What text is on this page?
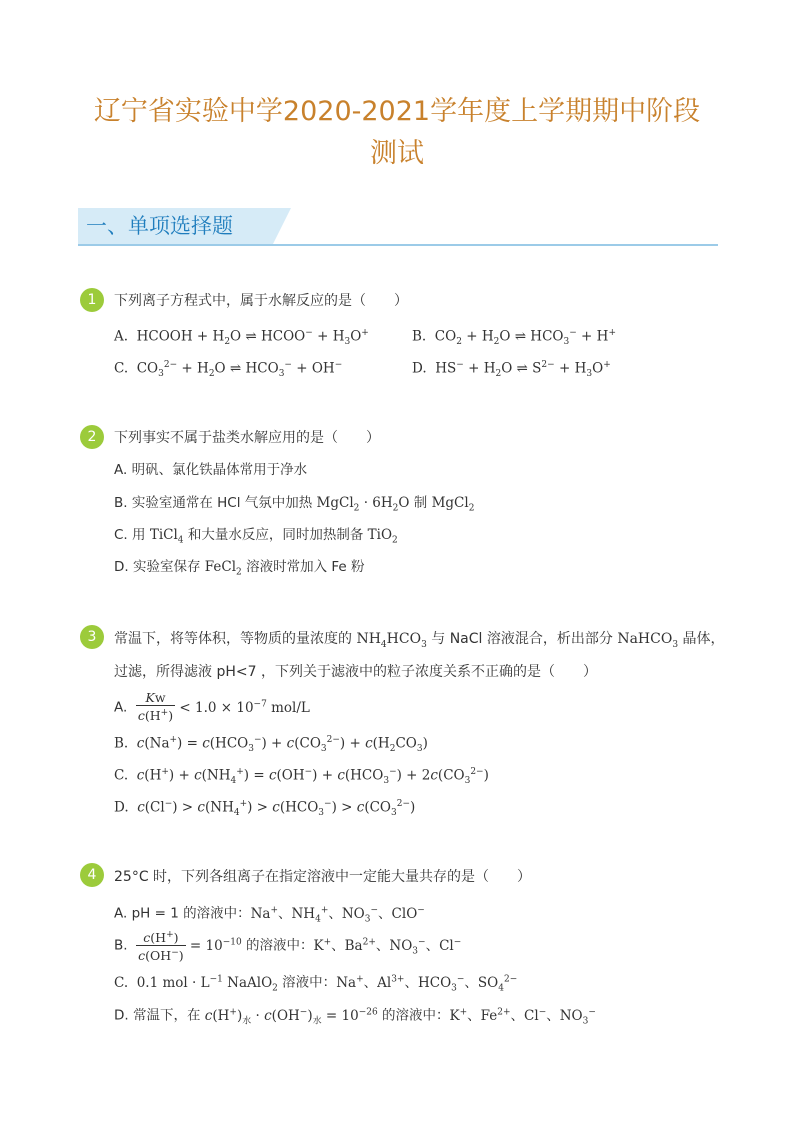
辽宁省实验中学2020-2021学年度上学期期中阶段
测试
一、单项选择题
1	下列离子方程式中，属于水解反应的是（　　）
A.  HCOOH + $H_2O$ ⇌ HCOO− + $H_3O^+$	B.  $CO_2 + H_2O$ ⇌ $HCO_3^- + H^+$
C.  $CO_3^{2-} + H_2O$ ⇌ $HCO_3^- + OH^-$	D.  $HS^- + H_2O$ ⇌ $S^{2-} + H_3O^+$
2	下列事实不属于盐类水解应用的是（　　）
A. 明矾、氯化铁晶体常用于净水
B. 实验室通常在 HCl 气氛中加热 MgCl$_2$ · $6H_2O$ 制 MgCl$_2$
C. 用 TiCl$_4$ 和大量水反应，同时加热制备 TiO$_2$
D. 实验室保存 FeCl$_2$ 溶液时常加入 Fe 粉
3	常温下，将等体积，等物质的量浓度的 $NH_4HCO_3$ 与 NaCl 溶液混合，析出部分 NaHCO$_3$ 晶体，
过滤，所得滤液 pH<7 ，下列关于滤液中的粒子浓度关系不正确的是（　　）
A. $\frac{Kw}{c(H^+)} < 1.0 \times 10^{-7}$ mol/L
B.  $c(Na^+) = c(HCO_3^-) + c(CO_3^{2-}) + c(H_2CO_3)$
C.  $c(H^+) + c(NH_4^+) = c(OH^-) + c(HCO_3^-) + 2c(CO_3^{2-})$
D.  $c(Cl^-) > c(NH_4^+) > c(HCO_3^-) > c(CO_3^{2-})$
4	25°C 时，下列各组离子在指定溶液中一定能大量共存的是（　　）
A. pH = 1 的溶液中：Na+、$NH_4^+$、$NO_3^-$、ClO−
B. $\frac{c(H^+)}{c(OH^-)} = 10^{-10}$ 的溶液中：K+、$Ba^{2+}$、$NO_3^-$、Cl−
C.  0.1 mol · $L^{-1}$ NaAlO$_2$ 溶液中：Na+、$Al^{3+}$、$HCO_3^-$、$SO_4^{2-}$
D. 常温下，在 $c(H^+)_水 \cdot c(OH^-)_水 = 10^{-26}$ 的溶液中：K+、$Fe^{2+}$、Cl−、$NO_3^-$
